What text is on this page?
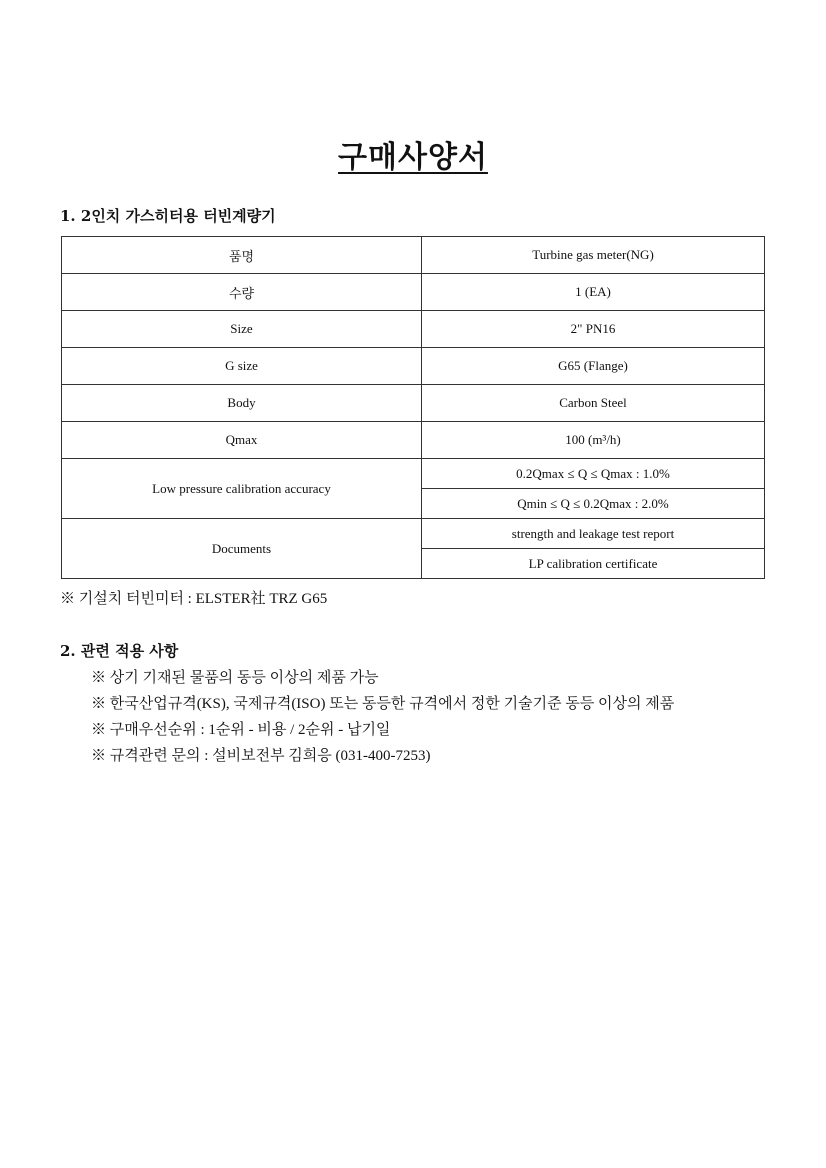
구매사양서
1. 2인치 가스히터용 터빈계량기
품명	Turbine gas meter(NG)
수량	1 (EA)
Size	2" PN16
G size	G65 (Flange)
Body	Carbon Steel
Qmax	100 (m³/h)
Low pressure calibration accuracy	0.2Qmax ≤ Q ≤ Qmax : 1.0%
	Qmin ≤ Q ≤ 0.2Qmax : 2.0%
Documents	strength and leakage test report
	LP calibration certificate
※ 기설치 터빈미터 : ELSTER社 TRZ G65
2. 관련 적용 사항
※ 상기 기재된 물품의 동등 이상의 제품 가능
※ 한국산업규격(KS), 국제규격(ISO) 또는 동등한 규격에서 정한 기술기준 동등 이상의 제품
※ 구매우선순위 : 1순위 - 비용 / 2순위 - 납기일
※ 규격관련 문의 : 설비보전부 김희응 (031-400-7253)
